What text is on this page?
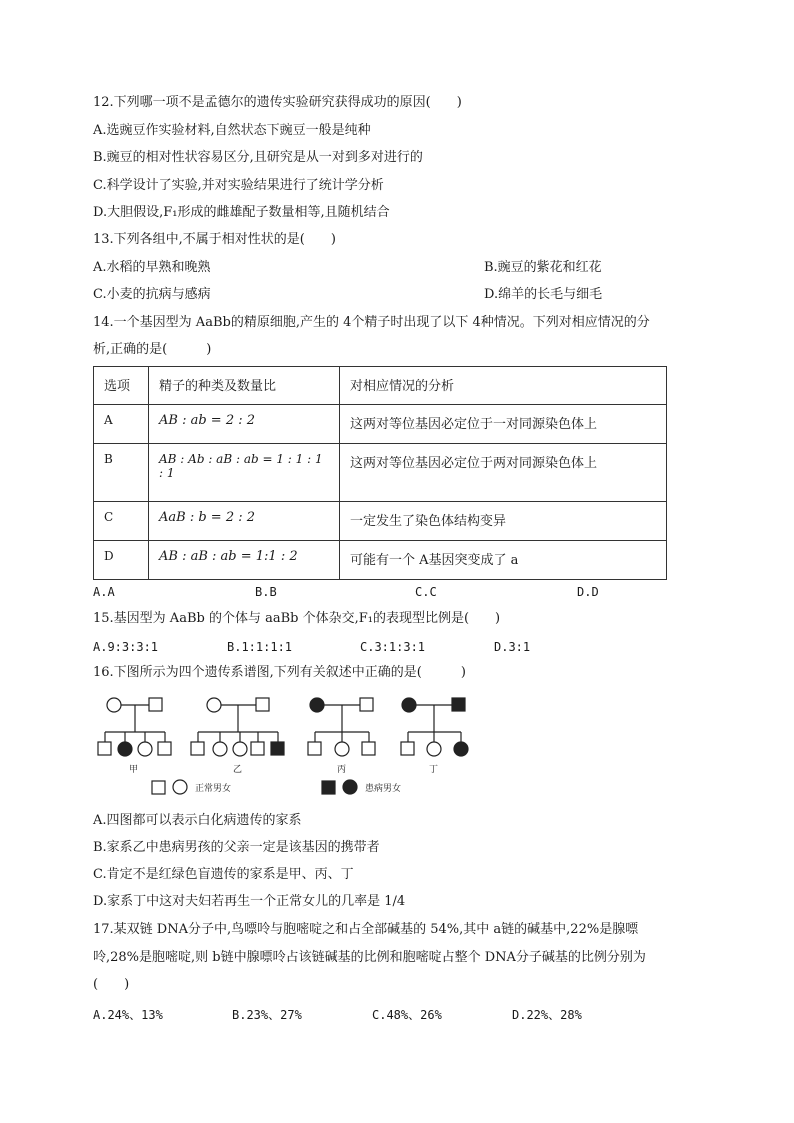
12.下列哪一项不是孟德尔的遗传实验研究获得成功的原因(　　)
A.选豌豆作实验材料,自然状态下豌豆一般是纯种
B.豌豆的相对性状容易区分,且研究是从一对到多对进行的
C.科学设计了实验,并对实验结果进行了统计学分析
D.大胆假设,F₁形成的雌雄配子数量相等,且随机结合
13.下列各组中,不属于相对性状的是(　　)
A.水稻的早熟和晚熟	B.豌豆的紫花和红花
C.小麦的抗病与感病	D.绵羊的长毛与细毛
14.一个基因型为 AaBb的精原细胞,产生的 4个精子时出现了以下 4种情况。下列对相应情况的分
析,正确的是(　　　)
选项	精子的种类及数量比	对相应情况的分析

A	AB : ab = 2 : 2	这两对等位基因必定位于一对同源染色体上

B	AB : Ab : aB : ab = 1 : 1 : 1 : 1	这两对等位基因必定位于两对同源染色体上

C	AaB : b = 2 : 2	一定发生了染色体结构变异

D	AB : aB : ab = 1:1 : 2	可能有一个 A基因突变成了 a
A.A	B.B	C.C	D.D
15.基因型为 AaBb 的个体与 aaBb 个体杂交,F₁的表现型比例是(　　)
A.9:3:3:1	B.1:1:1:1	C.3:1:3:1	D.3:1
16.下图所示为四个遗传系谱图,下列有关叙述中正确的是(　　　)
甲	乙	丙	丁
正常男女	患病男女
A.四图都可以表示白化病遗传的家系
B.家系乙中患病男孩的父亲一定是该基因的携带者
C.肯定不是红绿色盲遗传的家系是甲、丙、丁
D.家系丁中这对夫妇若再生一个正常女儿的几率是 1/4
17.某双链 DNA分子中,鸟嘌呤与胞嘧啶之和占全部碱基的 54%,其中 a链的碱基中,22%是腺嘌
呤,28%是胞嘧啶,则 b链中腺嘌呤占该链碱基的比例和胞嘧啶占整个 DNA分子碱基的比例分别为
(　　)
A.24%、13%	B.23%、27%	C.48%、26%	D.22%、28%
